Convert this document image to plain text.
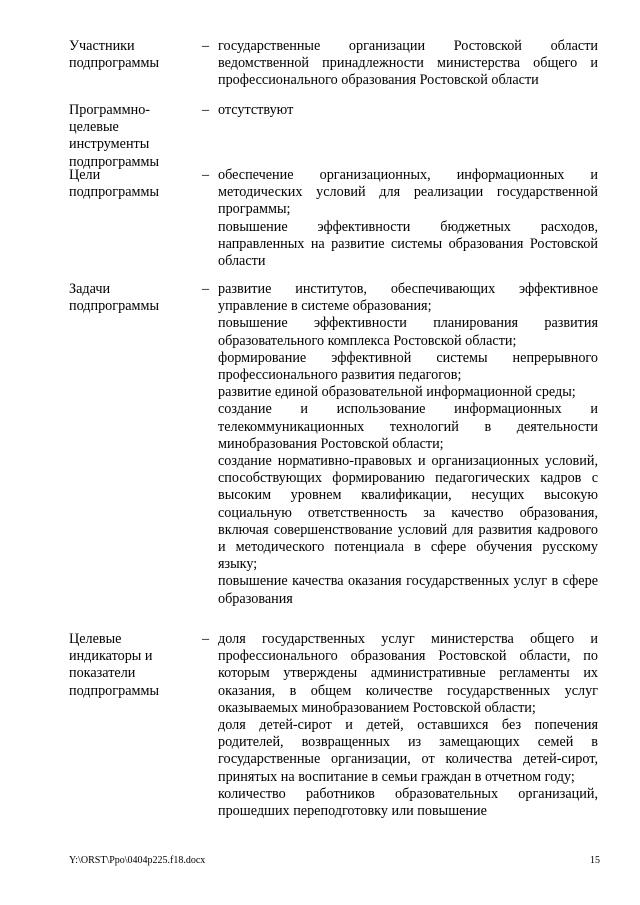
Участники подпрограммы
– государственные организации Ростовской области ведомственной принадлежности министерства общего и профессионального образования Ростовской области

Программно-целевые инструменты подпрограммы
– отсутствуют

Цели подпрограммы
– обеспечение организационных, информационных и методических условий для реализации государственной программы;

повышение эффективности бюджетных расходов, направленных на развитие системы образования Ростовской области

Задачи подпрограммы
– развитие институтов, обеспечивающих эффективное управление в системе образования;

повышение эффективности планирования развития образовательного комплекса Ростовской области;

формирование эффективной системы непрерывного профессионального развития педагогов;

развитие единой образовательной информационной среды;

создание и использование информационных и телекоммуникационных технологий в деятельности минобразования Ростовской области;

создание нормативно-правовых и организационных условий, способствующих формированию педагогических кадров с высоким уровнем квалификации, несущих высокую социальную ответственность за качество образования, включая совершенствование условий для развития кадрового и методического потенциала в сфере обучения русскому языку;

повышение качества оказания государственных услуг в сфере образования

Целевые индикаторы и показатели подпрограммы
– доля государственных услуг министерства общего и профессионального образования Ростовской области, по которым утверждены административные регламенты их оказания, в общем количестве государственных услуг оказываемых минобразованием Ростовской области;

доля детей-сирот и детей, оставшихся без попечения родителей, возвращенных из замещающих семей в государственные организации, от количества детей-сирот, принятых на воспитание в семьи граждан в отчетном году;

количество работников образовательных организаций, прошедших переподготовку или повышение

Y:\ORST\Ppo\0404p225.f18.docx	15
